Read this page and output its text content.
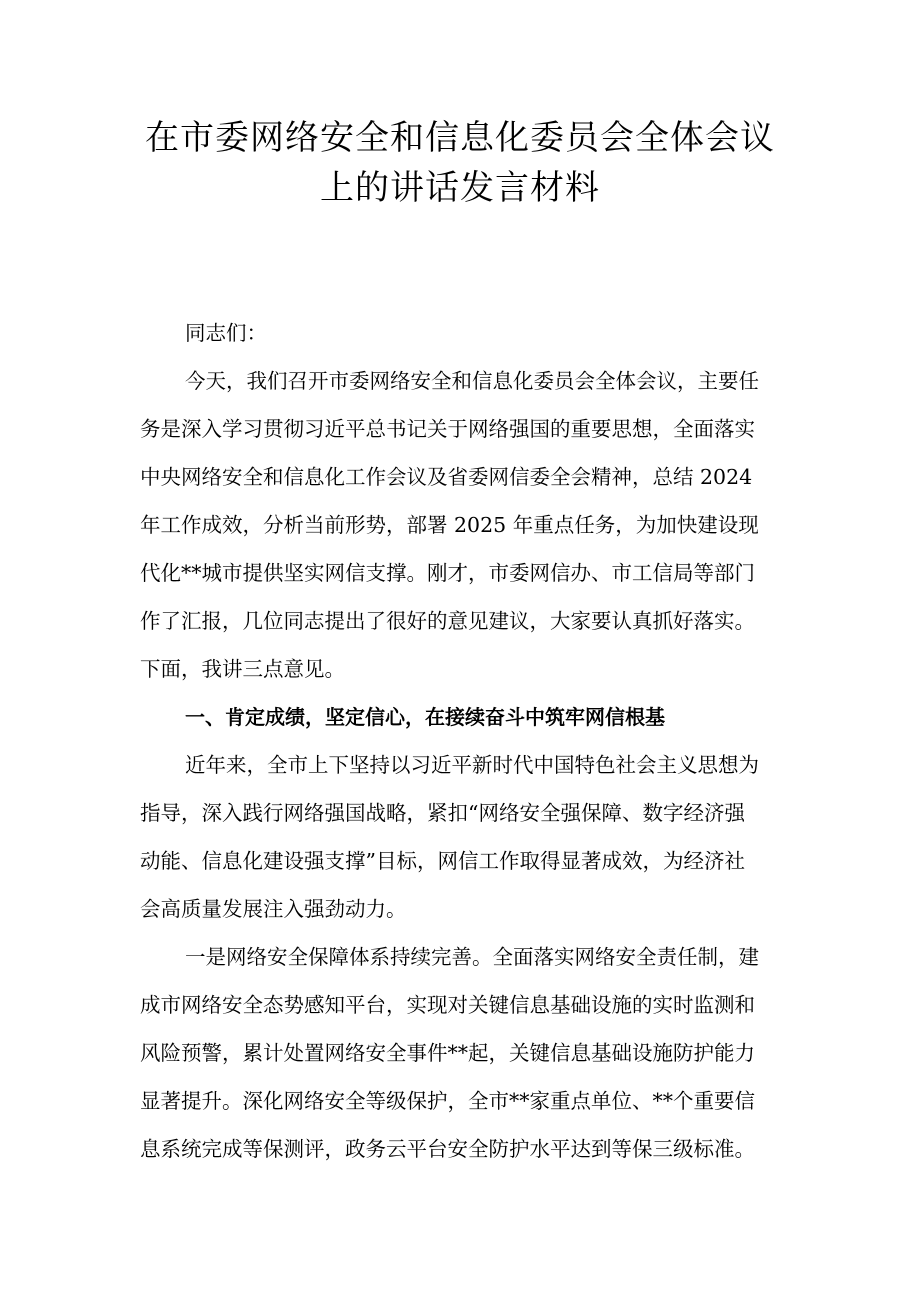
在市委网络安全和信息化委员会全体会议
上的讲话发言材料

同志们：

今天，我们召开市委网络安全和信息化委员会全体会议，主要任
务是深入学习贯彻习近平总书记关于网络强国的重要思想，全面落实
中央网络安全和信息化工作会议及省委网信委全会精神，总结 2024
年工作成效，分析当前形势，部署 2025 年重点任务，为加快建设现
代化**城市提供坚实网信支撑。刚才，市委网信办、市工信局等部门
作了汇报，几位同志提出了很好的意见建议，大家要认真抓好落实。
下面，我讲三点意见。
一、肯定成绩，坚定信心，在接续奋斗中筑牢网信根基
近年来，全市上下坚持以习近平新时代中国特色社会主义思想为
指导，深入践行网络强国战略，紧扣“网络安全强保障、数字经济强
动能、信息化建设强支撑”目标，网信工作取得显著成效，为经济社
会高质量发展注入强劲动力。
一是网络安全保障体系持续完善。全面落实网络安全责任制，建
成市网络安全态势感知平台，实现对关键信息基础设施的实时监测和
风险预警，累计处置网络安全事件**起，关键信息基础设施防护能力
显著提升。深化网络安全等级保护，全市**家重点单位、**个重要信
息系统完成等保测评，政务云平台安全防护水平达到等保三级标准。
